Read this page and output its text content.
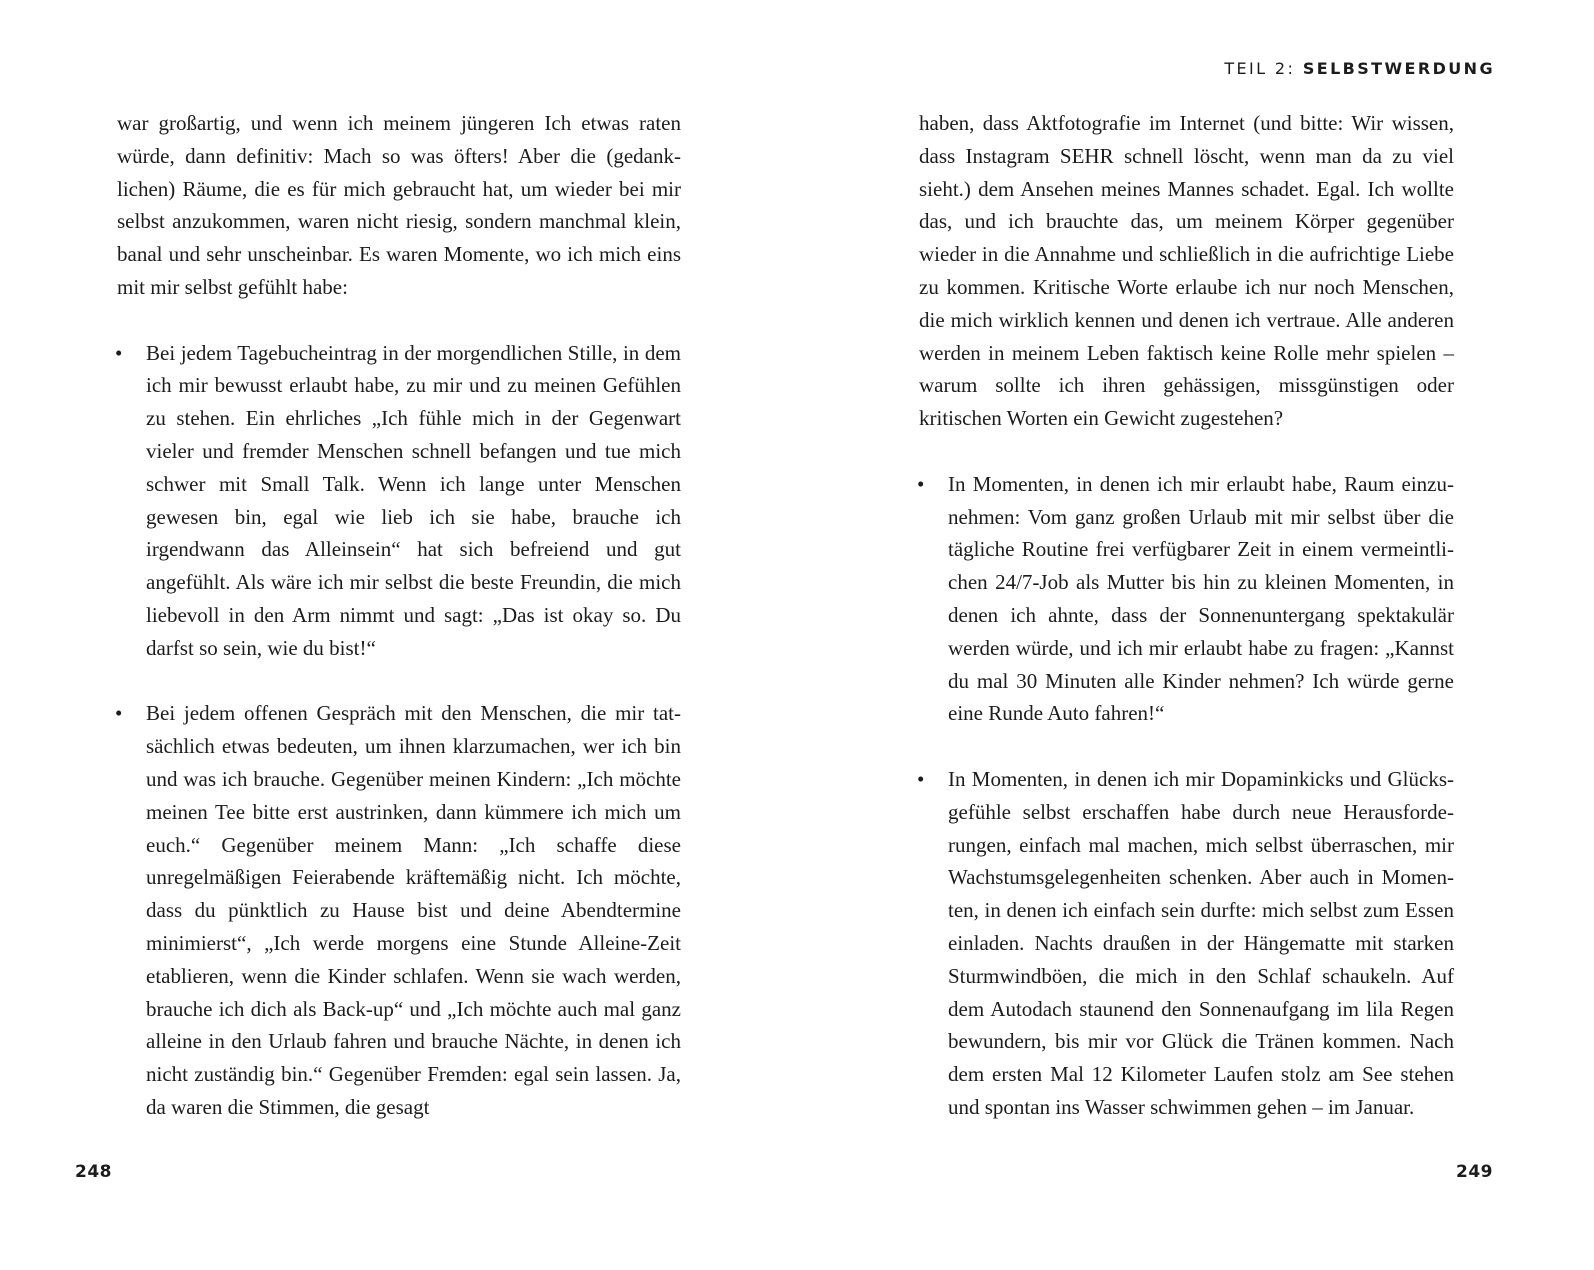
war großartig, und wenn ich meinem jüngeren Ich etwas raten würde, dann definitiv: Mach so was öfters! Aber die (gedanklichen) Räume, die es für mich gebraucht hat, um wieder bei mir selbst anzukommen, waren nicht riesig, sondern manchmal klein, banal und sehr unscheinbar. Es waren Momente, wo ich mich eins mit mir selbst gefühlt habe:

• Bei jedem Tagebucheintrag in der morgendlichen Stille, in dem ich mir bewusst erlaubt habe, zu mir und zu meinen Gefühlen zu stehen. Ein ehrliches „Ich fühle mich in der Gegenwart vieler und fremder Menschen schnell befangen und tue mich schwer mit Small Talk. Wenn ich lange unter Menschen gewesen bin, egal wie lieb ich sie habe, brauche ich irgendwann das Alleinsein“ hat sich befreiend und gut angefühlt. Als wäre ich mir selbst die beste Freundin, die mich liebevoll in den Arm nimmt und sagt: „Das ist okay so. Du darfst so sein, wie du bist!“
• Bei jedem offenen Gespräch mit den Menschen, die mir tatsächlich etwas bedeuten, um ihnen klarzumachen, wer ich bin und was ich brauche. Gegenüber meinen Kindern: „Ich möchte meinen Tee bitte erst austrinken, dann kümmere ich mich um euch.“ Gegenüber meinem Mann: „Ich schaffe diese unregelmäßigen Feierabende kräftemäßig nicht. Ich möchte, dass du pünktlich zu Hause bist und deine Abendtermine minimierst“, „Ich werde morgens eine Stunde Alleine-Zeit etablieren, wenn die Kinder schlafen. Wenn sie wach werden, brauche ich dich als Back-up“ und „Ich möchte auch mal ganz alleine in den Urlaub fahren und brauche Nächte, in denen ich nicht zuständig bin.“ Gegenüber Fremden: egal sein lassen. Ja, da waren die Stimmen, die gesagt
248
TEIL 2: SELBSTWERDUNG

haben, dass Aktfotografie im Internet (und bitte: Wir wissen, dass Instagram SEHR schnell löscht, wenn man da zu viel sieht.) dem Ansehen meines Mannes schadet. Egal. Ich wollte das, und ich brauchte das, um meinem Körper gegenüber wieder in die Annahme und schließlich in die aufrichtige Liebe zu kommen. Kritische Worte erlaube ich nur noch Menschen, die mich wirklich kennen und denen ich vertraue. Alle anderen werden in meinem Leben faktisch keine Rolle mehr spielen – warum sollte ich ihren gehässigen, missgünstigen oder kritischen Worten ein Gewicht zugestehen?

• In Momenten, in denen ich mir erlaubt habe, Raum einzunehmen: Vom ganz großen Urlaub mit mir selbst über die tägliche Routine frei verfügbarer Zeit in einem vermeintlichen 24/7-Job als Mutter bis hin zu kleinen Momenten, in denen ich ahnte, dass der Sonnenuntergang spektakulär werden würde, und ich mir erlaubt habe zu fragen: „Kannst du mal 30 Minuten alle Kinder nehmen? Ich würde gerne eine Runde Auto fahren!“
• In Momenten, in denen ich mir Dopaminkicks und Glücksgefühle selbst erschaffen habe durch neue Herausforderungen, einfach mal machen, mich selbst überraschen, mir Wachstumsgelegenheiten schenken. Aber auch in Momenten, in denen ich einfach sein durfte: mich selbst zum Essen einladen. Nachts draußen in der Hängematte mit starken Sturmwindböen, die mich in den Schlaf schaukeln. Auf dem Autodach staunend den Sonnenaufgang im lila Regen bewundern, bis mir vor Glück die Tränen kommen. Nach dem ersten Mal 12 Kilometer Laufen stolz am See stehen und spontan ins Wasser schwimmen gehen – im Januar.
249
